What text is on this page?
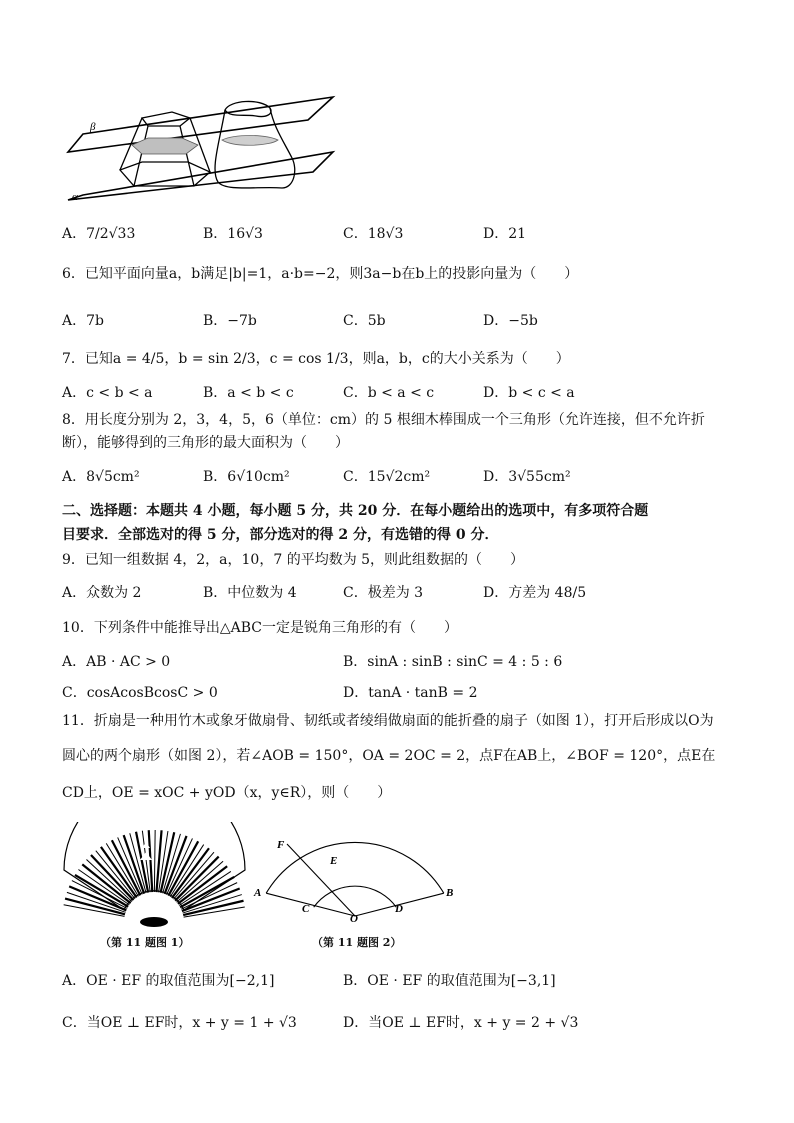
β
α
A．7/2√33	B．16√3	C．18√3	D．21
6．已知平面向量a，b满足|b|=1，a·b=−2，则3a−b在b上的投影向量为（　　）
A．7b	B．−7b	C．5b	D．−5b
7．已知a = 4/5，b = sin 2/3，c = cos 1/3，则a，b，c的大小关系为（　　）
A．c < b < a	B．a < b < c	C．b < a < c	D．b < c < a
8．用长度分别为 2，3，4，5，6（单位：cm）的 5 根细木棒围成一个三角形（允许连接，但不允许折
断），能够得到的三角形的最大面积为（　　）
A．8√5cm²	B．6√10cm²	C．15√2cm²	D．3√55cm²
二、选择题：本题共 4 小题，每小题 5 分，共 20 分．在每小题给出的选项中，有多项符合题
目要求．全部选对的得 5 分，部分选对的得 2 分，有选错的得 0 分．
9．已知一组数据 4，2，a，10，7 的平均数为 5，则此组数据的（　　）
A．众数为 2	B．中位数为 4	C．极差为 3	D．方差为 48/5
10．下列条件中能推导出△ABC一定是锐角三角形的有（　　）
A．AB · AC > 0	B．sinA : sinB : sinC = 4 : 5 : 6
C．cosAcosBcosC > 0	D．tanA · tanB = 2
11．折扇是一种用竹木或象牙做扇骨、韧纸或者绫绢做扇面的能折叠的扇子（如图 1），打开后形成以O为
圆心的两个扇形（如图 2），若∠AOB = 150°，OA = 2OC = 2，点F在AB上，∠BOF = 120°，点E在
CD上，OE = xOC + yOD（x，y∈R），则（　　）
A	B
C	D
E
F
O
（第 11 题图 1）	（第 11 题图 2）
A．OE · EF 的取值范围为[−2,1]	B．OE · EF 的取值范围为[−3,1]
C．当OE ⊥ EF时，x + y = 1 + √3	D．当OE ⊥ EF时，x + y = 2 + √3
